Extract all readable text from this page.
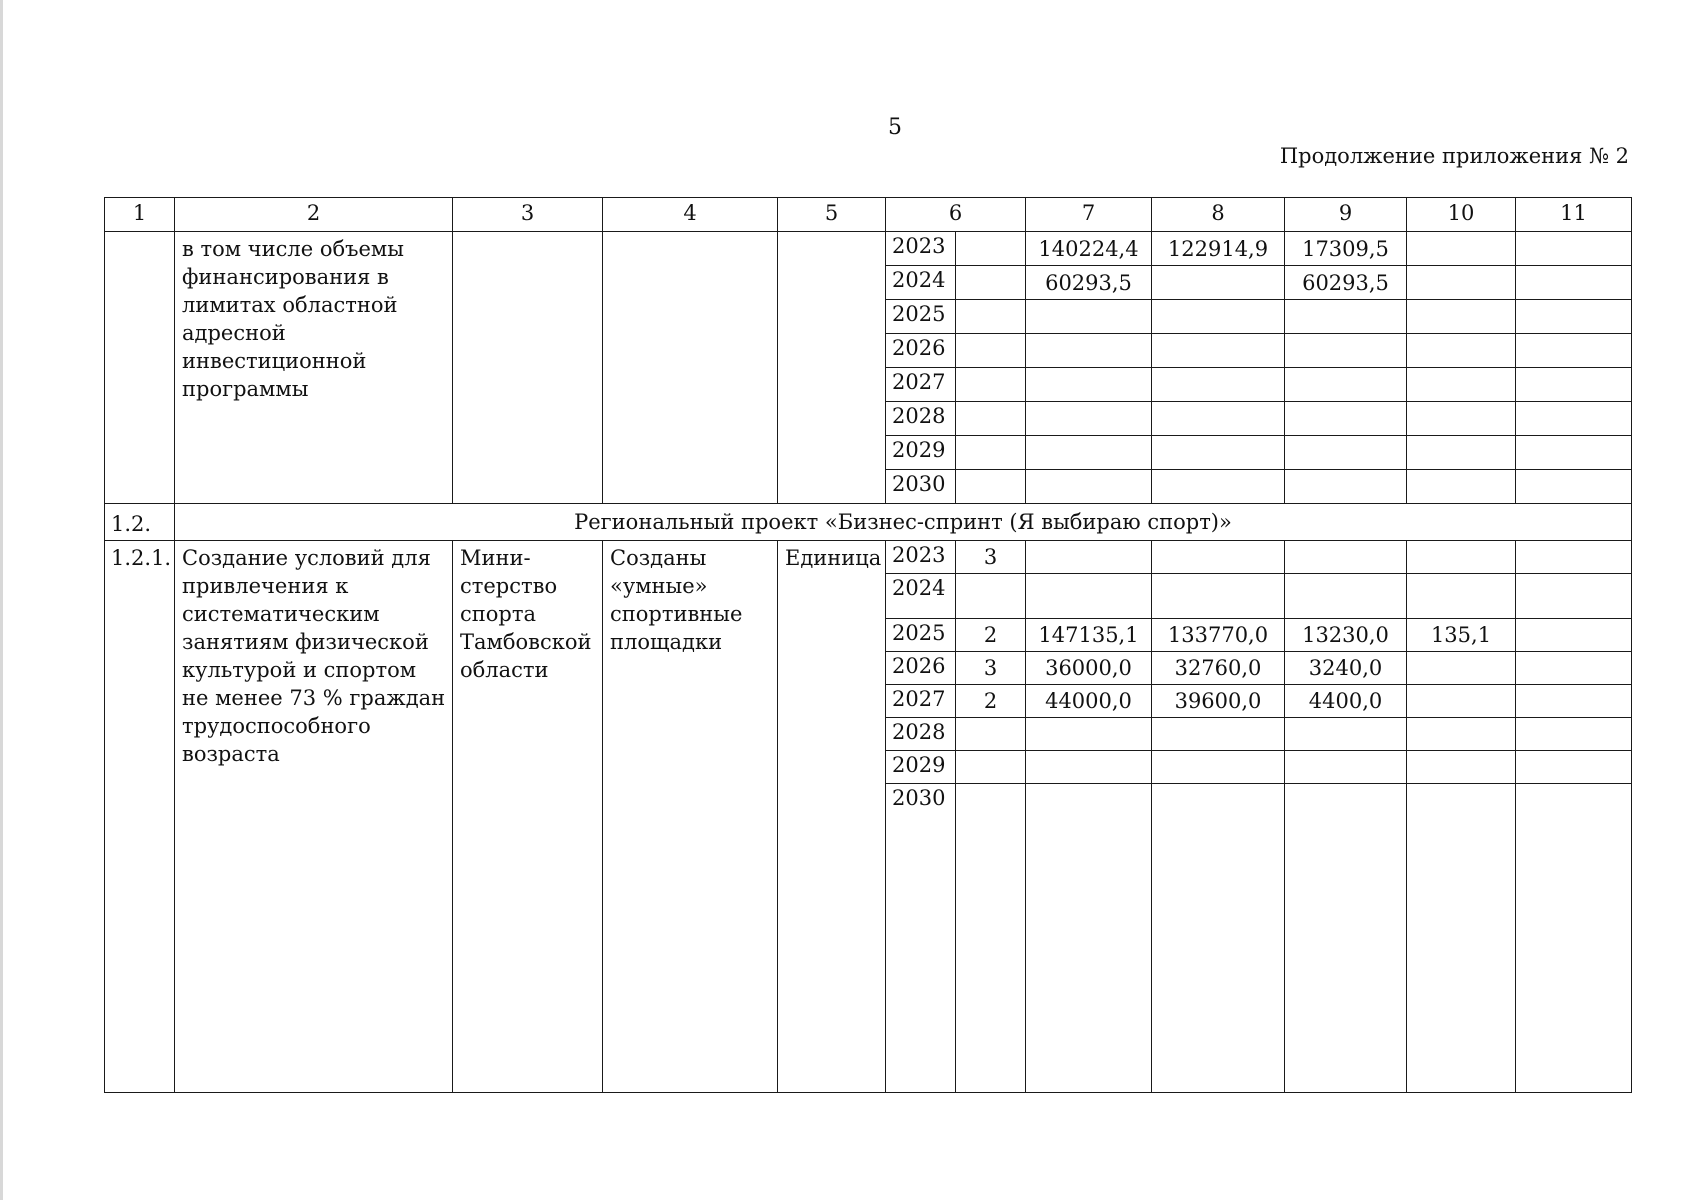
5
Продолжение приложения № 2
1	2	3	4	5	6		7	8	9	10	11
	в том числе объемы финансирования в лимитах областной адресной инвестиционной программы				2023		140224,4	122914,9	17309,5		
					2024		60293,5		60293,5		
					2025						
					2026						
					2027						
					2028						
					2029						
					2030						
1.2.	Региональный проект «Бизнес-спринт (Я выбираю спорт)»										
1.2.1.	Создание условий для привлечения к систематическим занятиям физической культурой и спортом не менее 73 % граждан трудоспособного возраста	Мини-стерство спорта Тамбовской области	Созданы «умные» спортивные площадки	Единица	2023	3					
					2024						
					2025	2	147135,1	133770,0	13230,0	135,1	
					2026	3	36000,0	32760,0	3240,0		
					2027	2	44000,0	39600,0	4400,0		
					2028						
					2029						
					2030						
